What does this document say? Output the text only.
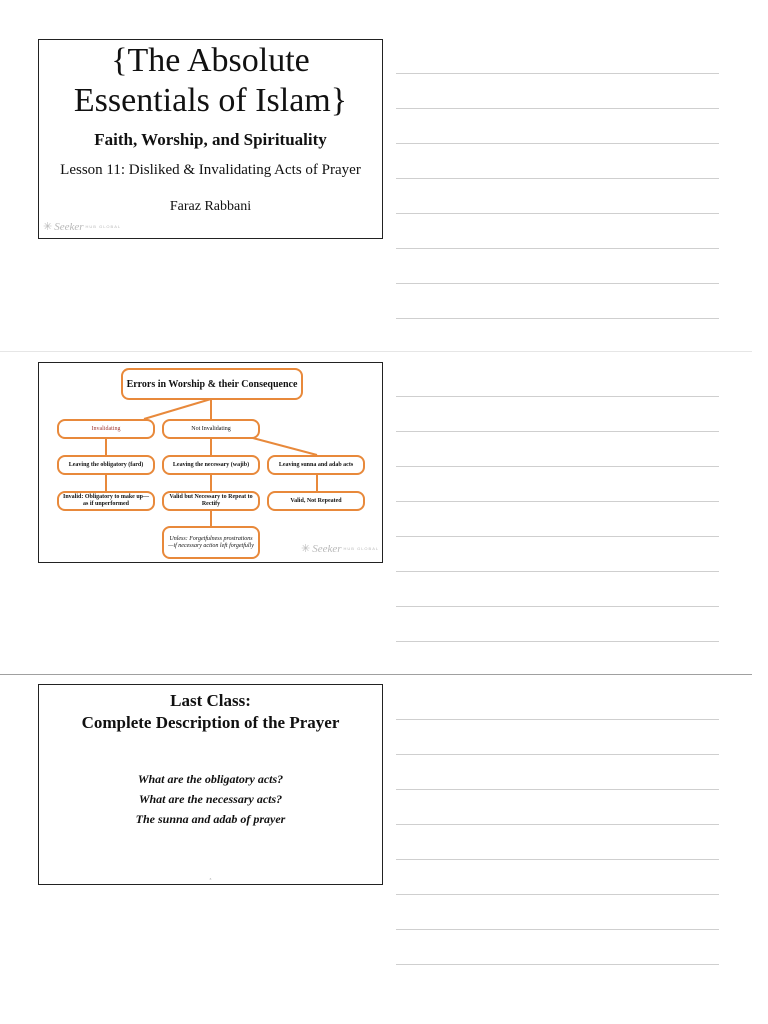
{The Absolute
Essentials of Islam}
Faith, Worship, and Spirituality
Lesson 11: Disliked & Invalidating Acts of Prayer
Faraz Rabbani
✳ Seeker HUB GLOBAL
Errors in Worship & their Consequence
Invalidating	Not Invalidating
Leaving the obligatory (fard)	Leaving the necessary (wajib)	Leaving sunna and adab acts
Invalid: Obligatory to make up—as if unperformed
Valid but Necessary to Repeat to Rectify
Valid, Not Repeated
Unless: Forgetfulness prostrations—if necessary action left forgetfully	✳ Seeker HUB GLOBAL
Last Class:
Complete Description of the Prayer
What are the obligatory acts?
What are the necessary acts?
The sunna and adab of prayer
3
